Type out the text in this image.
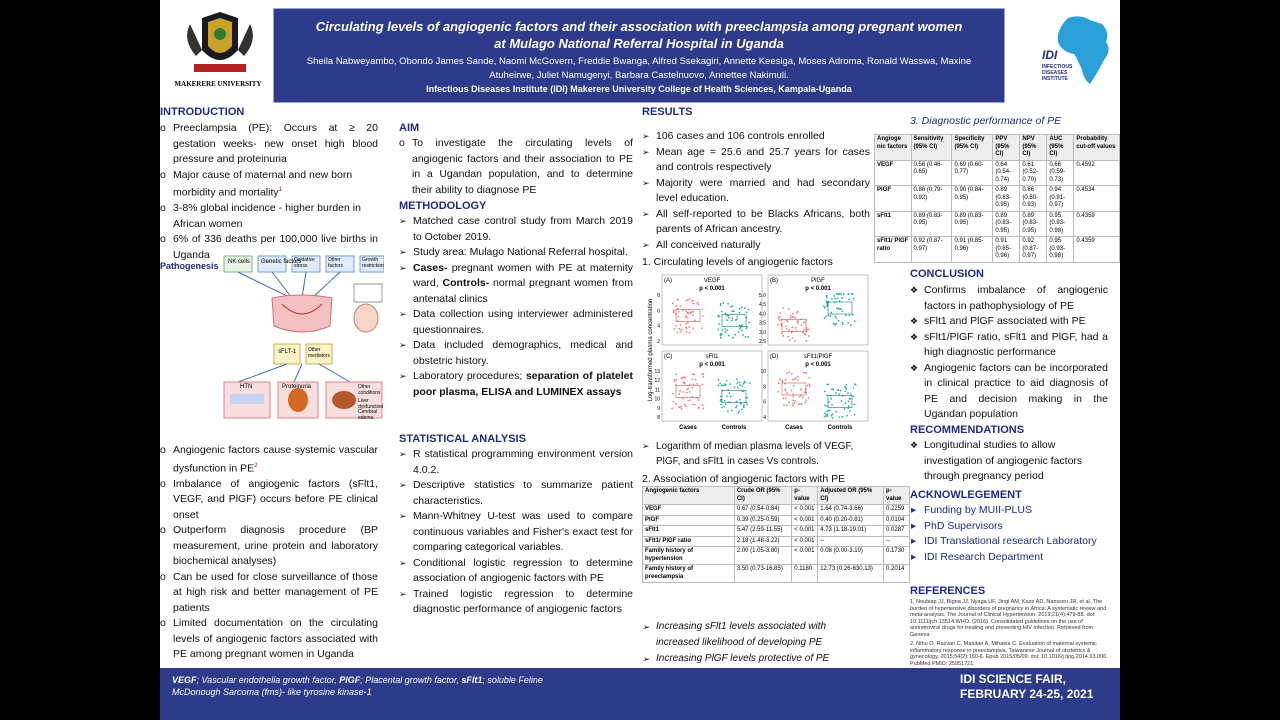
MAKERERE UNIVERSITY
Circulating levels of angiogenic factors and their association with preeclampsia among pregnant women
at Mulago National Referral Hospital in Uganda
Sheila Nabweyambo, Obondo James Sande, Naomi McGovern, Freddie Bwanga, Alfred Ssekagiri, Annette Keesiga, Moses Adroma, Ronald Wasswa, Maxine
Atuheirwe, Juliet Namugenyi, Barbara Castelnuovo, Annettee Nakimuli.
Infectious Diseases Institute (IDI) Makerere University College of Health Sciences, Kampala-Uganda
IDI
INFECTIOUS
DISEASES
INSTITUTE
INTRODUCTION
o Preeclampsia (PE): Occurs at ≥ 20 gestation weeks- new onset high blood pressure and proteinuria
o Major cause of maternal and new born morbidity and mortality$^1$
o 3-8% global incidence - higher burden in African women
o 6% of 336 deaths per 100,000 live births in Uganda
Pathogenesis NK cells Genetic factors
Oxidative stress
Other factors
Growth restriction
sFLT-1 Other mediators
HTN	Proteinuria	Other conditions
Liver dysfunction
Cerebral edema
o Angiogenic factors cause systemic vascular dysfunction in $PE^2$
o Imbalance of angiogenic factors (sFlt1, VEGF, and PlGF) occurs before PE clinical onset
o Outperform diagnosis procedure (BP measurement, urine protein and laboratory biochemical analyses)
o Can be used for close surveillance of those at high risk and better management of PE patients
o Limited documentation on the circulating levels of angiogenic factors associated with PE among pregnant women in Uganda
AIM
o To investigate the circulating levels of angiogenic factors and their association to PE in a Ugandan population, and to determine their ability to diagnose PE
METHODOLOGY
➢ Matched case control study from March 2019 to October 2019.
➢ Study area: Mulago National Referral hospital.
➢ Cases- pregnant women with PE at maternity ward, Controls- normal pregnant women from antenatal clinics
➢ Data collection using interviewer administered questionnaires.
➢ Data included demographics, medical and obstetric history.
➢ Laboratory procedures; separation of platelet poor plasma, ELISA and LUMINEX assays
STATISTICAL ANALYSIS
➢ R statistical programming environment version 4.0.2.
➢ Descriptive statistics to summarize patient characteristics.
➢ Mann-Whitney U-test was used to compare continuous variables and Fisher's exact test for comparing categorical variables.
➢ Conditional logistic regression to determine association of angiogenic factors with PE
➢ Trained logistic regression to determine diagnostic performance of angiogenic factors
RESULTS
➢ 106 cases and 106 controls enrolled
➢ Mean age = 25.6 and 25.7 years for cases and controls respectively
➢ Majority were married and had secondary level education.
➢ All self-reported to be Blacks Africans, both parents of African ancestry.
➢ All conceived naturally
1. Circulating levels of angiogenic factors
Log-transformed plasma concentration
(A)	VEGF
p < 0.001
8
6
4
2
(B)	PlGF
p < 0.001
5.0
4.5
4.0
3.5
3.0
2.5
(C)	sFlt1
p < 0.001
13
12
11
10
9
8
Cases	Controls
(D)	sFlt1/PlGF
p < 0.001
10
8
6
4
Cases	Controls
➢ Logarithm of median plasma levels of VEGF, PlGF, and sFlt1 in cases Vs controls.
2. Association of angiogenic factors with PE
Angiogenic factors	Crude OR (95% CI)	p-value	Adjusted OR (95% CI)	p-value
VEGF	0.67 (0.54-0.84)	< 0.001	1.64 (0.74-3.66)	0.2259
PlGF	0.39 (0.25-0.59)	< 0.001	0.40 (0.20-0.81)	0.0104
sFlt1	5.47 (2.59-11.55)	< 0.001	4.73 (1.18-19.01)	0.0287
sFlt1/ PlGF ratio	2.18 (1.48-3.22)	< 0.001	--	--
Family history of hypertension	2.00 (1.05-3.80)	< 0.001	0.08 (0.00-3.10)	0.1730
Family history of preeclampsia	3.50 (0.73-16.85)	0.1180	12.73 (0.26-630.13)	0.2014
➢ Increasing sFlt1 levels associated with increased likelihood of developing PE
➢ Increasing PlGF levels protective of PE
3. Diagnostic performance of PE
Angioge nic factors	Sensitivity (95% CI)	Specificity (95% CI)	PPV (95% CI)	NPV (95% CI)	AUC (95% CI)	Probability cut-off values
VEGF	0.56 (0.46-0.65)	0.69 (0.60-0.77)	0.64 (0.54-0.74)	0.61 (0.52-0.70)	0.66 (0.59-0.73)	0.4592
PlGF	0.86 (0.79-0.92)	0.90 (0.84-0.95)	0.89 (0.83-0.95)	0.86 (0.80-0.93)	0.94 (0.91-0.97)	0.4534
sFlt1	0.89 (0.83-0.95)	0.89 (0.83-0.95)	0.89 (0.83-0.95)	0.89 (0.83-0.95)	0.95 (0.93-0.98)	0.4359
sFlt1/ PlGF ratio	0.92 (0.87-0.97)	0.91 (0.85-0.96)	0.91 (0.85-0.96)	0.92 (0.87-0.97)	0.95 (0.93-0.98)	0.4359
CONCLUSION
❖ Confirms imbalance of angiogenic factors in pathophysiology of PE
❖ sFlt1 and PlGF associated with PE
❖ sFlt1/PlGF ratio, sFlt1 and PlGF, had a high diagnostic performance
❖ Angiogenic factors can be incorporated in clinical practice to aid diagnosis of PE and decision making in the Ugandan population
RECOMMENDATIONS
❖ Longitudinal studies to allow investigation of angiogenic factors through pregnancy period
ACKNOWLEGEMENT
▸ Funding by MUII-PLUS
▸ PhD Supervisors
▸ IDI Translational research Laboratory
▸ IDI Research Department
REFERENCES
1. Noubiap JJ, Bigna JJ, Nyaga UF, Jingi AM, Kaze AD, Nansseu JR, et al. The burden of hypertensive disorders of pregnancy in Africa: A systematic review and meta-analysis. The Journal of Clinical Hypertension. 2019;21(4):479-88. doi: 10.1111/jch.13514.WHO. (2016). Consolidated guidelines on the use of antiretroviral drugs for treating and preventing HIV infection. Retrieved from Geneva:
2. Nthu O, Razvan C, Malutan A, Mihaela C. Evaluation of maternal systemic inflammatory response in preeclampsia. Taiwanese Journal of obstetrics & gynecology. 2015;54(2):160-6. Epub 2015/05/09. doi: 10.1016/j.tjog.2014.03.006. PubMed PMID: 25951721.
VEGF; Vascular endothelia growth factor, PlGF; Placental growth factor, sFlt1; soluble Feline
McDonough Sarcoma (fms)- like tyrosine kinase-1
IDI SCIENCE FAIR,
FEBRUARY 24-25, 2021
